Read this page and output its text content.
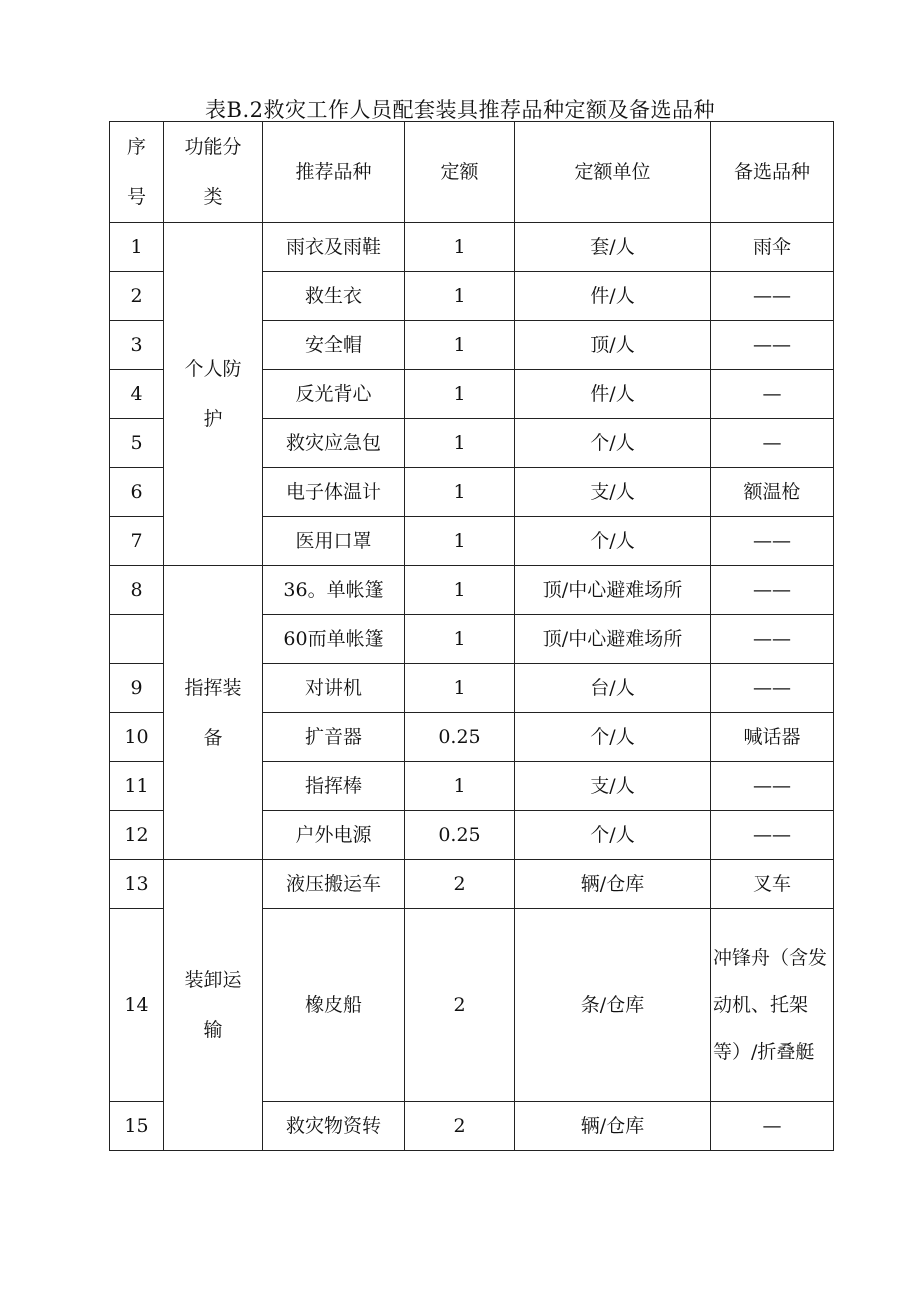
表B.2救灾工作人员配套装具推荐品种定额及备选品种
序号	功能分类	推荐品种	定额	定额单位	备选品种
1	个人防护	雨衣及雨鞋	1	套/人	雨伞
2		救生衣	1	件/人	——
3		安全帽	1	顶/人	——
4		反光背心	1	件/人	—
5		救灾应急包	1	个/人	—
6		电子体温计	1	支/人	额温枪
7		医用口罩	1	个/人	——
8	指挥装备	36。单帐篷	1	顶/中心避难场所	——
		60而单帐篷	1	顶/中心避难场所	——
9		对讲机	1	台/人	——
10		扩音器	0.25	个/人	喊话器
11		指挥棒	1	支/人	——
12		户外电源	0.25	个/人	——
13	装卸运输	液压搬运车	2	辆/仓库	叉车
14		橡皮船	2	条/仓库	冲锋舟（含发动机、托架等）/折叠艇
15		救灾物资转	2	辆/仓库	—
